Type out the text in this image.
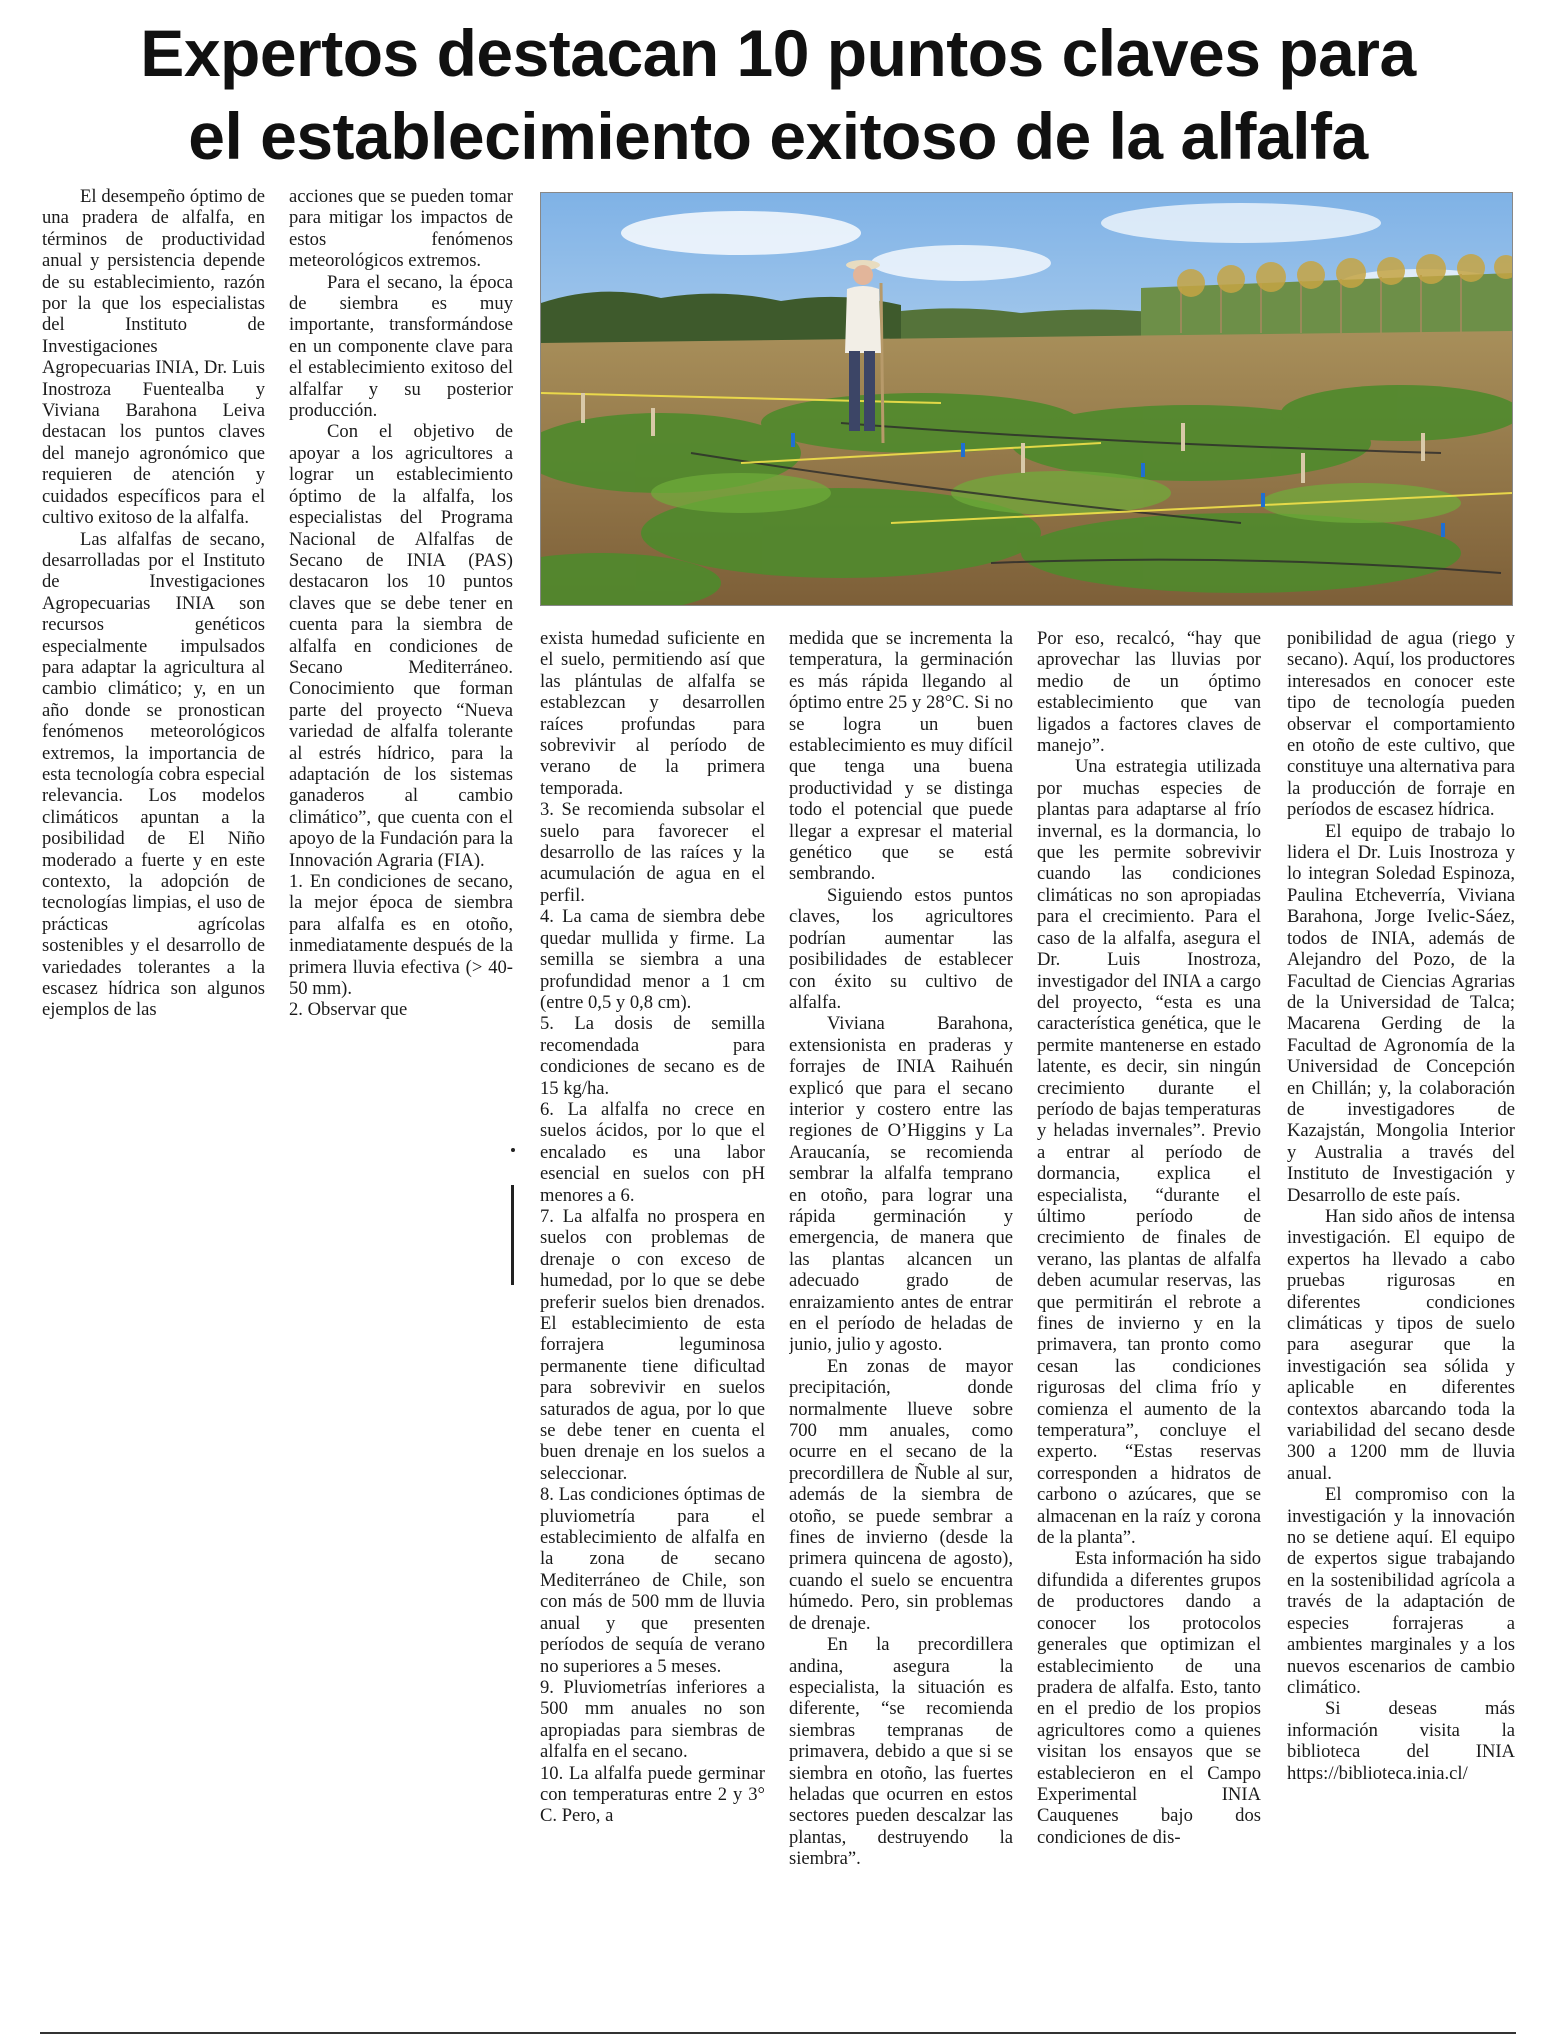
Expertos destacan 10 puntos claves para
el establecimiento exitoso de la alfalfa

El desempeño óptimo de una pradera de alfalfa, en términos de productividad anual y persistencia depende de su establecimiento, razón por la que los especialistas del Instituto de Investigaciones Agropecuarias INIA, Dr. Luis Inostroza Fuentealba y Viviana Barahona Leiva destacan los puntos claves del manejo agronómico que requieren de atención y cuidados específicos para el cultivo exitoso de la alfalfa.

Las alfalfas de secano, desarrolladas por el Instituto de Investigaciones Agropecuarias INIA son recursos genéticos especialmente impulsados para adaptar la agricultura al cambio climático; y, en un año donde se pronostican fenómenos meteorológicos extremos, la importancia de esta tecnología cobra especial relevancia. Los modelos climáticos apuntan a la posibilidad de El Niño moderado a fuerte y en este contexto, la adopción de tecnologías limpias, el uso de prácticas agrícolas sostenibles y el desarrollo de variedades tolerantes a la escasez hídrica son algunos ejemplos de las

acciones que se pueden tomar para mitigar los impactos de estos fenómenos meteorológicos extremos.

Para el secano, la época de siembra es muy importante, transformándose en un componente clave para el establecimiento exitoso del alfalfar y su posterior producción.

Con el objetivo de apoyar a los agricultores a lograr un establecimiento óptimo de la alfalfa, los especialistas del Programa Nacional de Alfalfas de Secano de INIA (PAS) destacaron los 10 puntos claves que se debe tener en cuenta para la siembra de alfalfa en condiciones de Secano Mediterráneo. Conocimiento que forman parte del proyecto “Nueva variedad de alfalfa tolerante al estrés hídrico, para la adaptación de los sistemas ganaderos al cambio climático”, que cuenta con el apoyo de la Fundación para la Innovación Agraria (FIA).

1. En condiciones de secano, la mejor época de siembra para alfalfa es en otoño, inmediatamente después de la primera lluvia efectiva (> 40-50 mm).

2. Observar que

exista humedad suficiente en el suelo, permitiendo así que las plántulas de alfalfa se establezcan y desarrollen raíces profundas para sobrevivir al período de verano de la primera temporada.

3. Se recomienda subsolar el suelo para favorecer el desarrollo de las raíces y la acumulación de agua en el perfil.

4. La cama de siembra debe quedar mullida y firme. La semilla se siembra a una profundidad menor a 1 cm (entre 0,5 y 0,8 cm).

5. La dosis de semilla recomendada para condiciones de secano es de 15 kg/ha.

6. La alfalfa no crece en suelos ácidos, por lo que el encalado es una labor esencial en suelos con pH menores a 6.

7. La alfalfa no prospera en suelos con problemas de drenaje o con exceso de humedad, por lo que se debe preferir suelos bien drenados. El establecimiento de esta forrajera leguminosa permanente tiene dificultad para sobrevivir en suelos saturados de agua, por lo que se debe tener en cuenta el buen drenaje en los suelos a seleccionar.

8. Las condiciones óptimas de pluviometría para el establecimiento de alfalfa en la zona de secano Mediterráneo de Chile, son con más de 500 mm de lluvia anual y que presenten períodos de sequía de verano no superiores a 5 meses.

9. Pluviometrías inferiores a 500 mm anuales no son apropiadas para siembras de alfalfa en el secano.

10. La alfalfa puede germinar con temperaturas entre 2 y 3° C. Pero, a

medida que se incrementa la temperatura, la germinación es más rápida llegando al óptimo entre 25 y 28°C. Si no se logra un buen establecimiento es muy difícil que tenga una buena productividad y se distinga todo el potencial que puede llegar a expresar el material genético que se está sembrando.

Siguiendo estos puntos claves, los agricultores podrían aumentar las posibilidades de establecer con éxito su cultivo de alfalfa.

Viviana Barahona, extensionista en praderas y forrajes de INIA Raihuén explicó que para el secano interior y costero entre las regiones de O’Higgins y La Araucanía, se recomienda sembrar la alfalfa temprano en otoño, para lograr una rápida germinación y emergencia, de manera que las plantas alcancen un adecuado grado de enraizamiento antes de entrar en el período de heladas de junio, julio y agosto.

En zonas de mayor precipitación, donde normalmente llueve sobre 700 mm anuales, como ocurre en el secano de la precordillera de Ñuble al sur, además de la siembra de otoño, se puede sembrar a fines de invierno (desde la primera quincena de agosto), cuando el suelo se encuentra húmedo. Pero, sin problemas de drenaje.

En la precordillera andina, asegura la especialista, la situación es diferente, “se recomienda siembras tempranas de primavera, debido a que si se siembra en otoño, las fuertes heladas que ocurren en estos sectores pueden descalzar las plantas, destruyendo la siembra”.

Por eso, recalcó, “hay que aprovechar las lluvias por medio de un óptimo establecimiento que van ligados a factores claves de manejo”.

Una estrategia utilizada por muchas especies de plantas para adaptarse al frío invernal, es la dormancia, lo que les permite sobrevivir cuando las condiciones climáticas no son apropiadas para el crecimiento. Para el caso de la alfalfa, asegura el Dr. Luis Inostroza, investigador del INIA a cargo del proyecto, “esta es una característica genética, que le permite mantenerse en estado latente, es decir, sin ningún crecimiento durante el período de bajas temperaturas y heladas invernales”. Previo a entrar al período de dormancia, explica el especialista, “durante el último período de crecimiento de finales de verano, las plantas de alfalfa deben acumular reservas, las que permitirán el rebrote a fines de invierno y en la primavera, tan pronto como cesan las condiciones rigurosas del clima frío y comienza el aumento de la temperatura”, concluye el experto. “Estas reservas corresponden a hidratos de carbono o azúcares, que se almacenan en la raíz y corona de la planta”.

Esta información ha sido difundida a diferentes grupos de productores dando a conocer los protocolos generales que optimizan el establecimiento de una pradera de alfalfa. Esto, tanto en el predio de los propios agricultores como a quienes visitan los ensayos que se establecieron en el Campo Experimental INIA Cauquenes bajo dos condiciones de dis-

ponibilidad de agua (riego y secano). Aquí, los productores interesados en conocer este tipo de tecnología pueden observar el comportamiento en otoño de este cultivo, que constituye una alternativa para la producción de forraje en períodos de escasez hídrica.

El equipo de trabajo lo lidera el Dr. Luis Inostroza y lo integran Soledad Espinoza, Paulina Etcheverría, Viviana Barahona, Jorge Ivelic-Sáez, todos de INIA, además de Alejandro del Pozo, de la Facultad de Ciencias Agrarias de la Universidad de Talca; Macarena Gerding de la Facultad de Agronomía de la Universidad de Concepción en Chillán; y, la colaboración de investigadores de Kazajstán, Mongolia Interior y Australia a través del Instituto de Investigación y Desarrollo de este país.

Han sido años de intensa investigación. El equipo de expertos ha llevado a cabo pruebas rigurosas en diferentes condiciones climáticas y tipos de suelo para asegurar que la investigación sea sólida y aplicable en diferentes contextos abarcando toda la variabilidad del secano desde 300 a 1200 mm de lluvia anual.

El compromiso con la investigación y la innovación no se detiene aquí. El equipo de expertos sigue trabajando en la sostenibilidad agrícola a través de la adaptación de especies forrajeras a ambientes marginales y a los nuevos escenarios de cambio climático.

Si deseas más información visita la biblioteca del INIA https://biblioteca.inia.cl/
